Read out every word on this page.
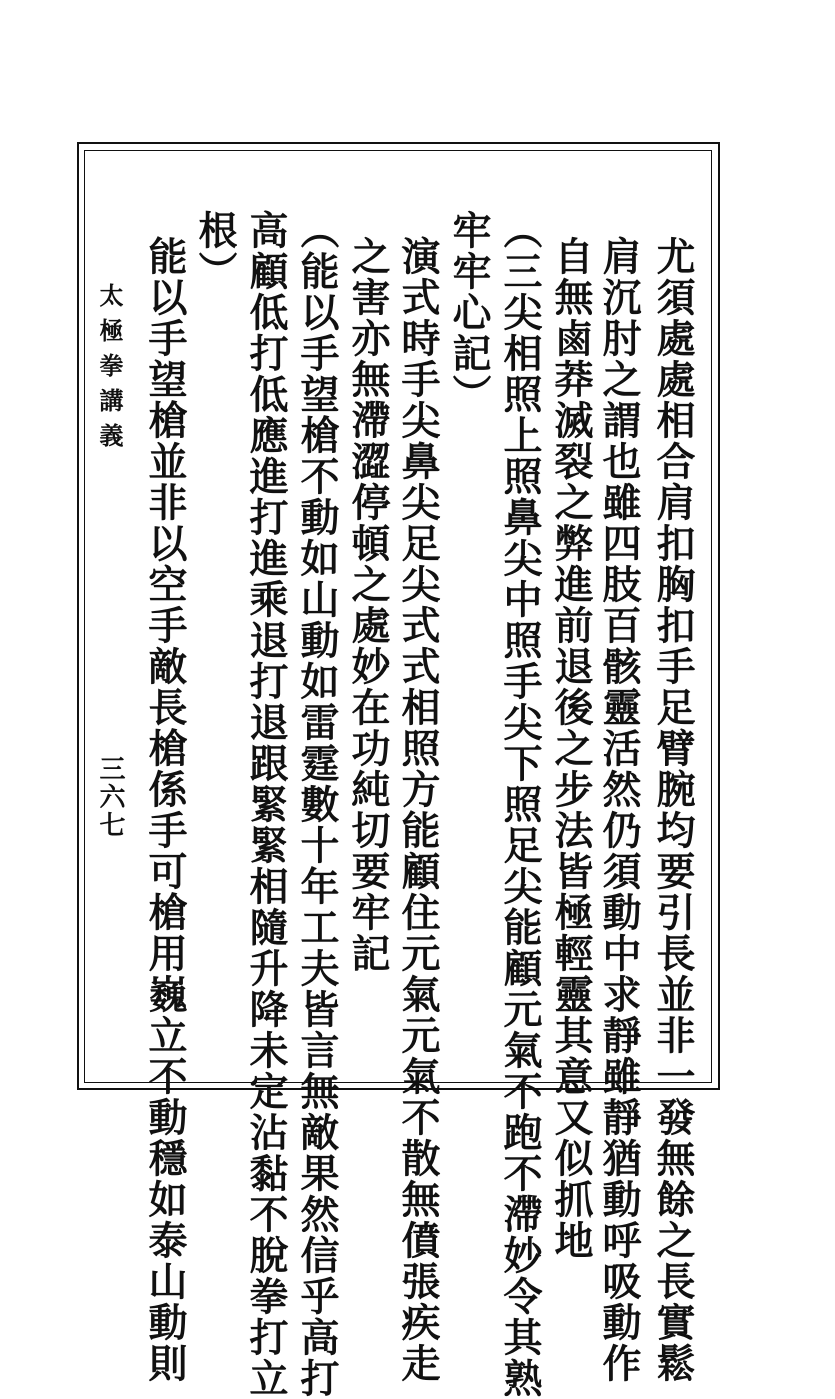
尤須處處相合肩扣胸扣手足臂腕均要引長並非一發無餘之長實鬆
肩沉肘之謂也雖四肢百骸靈活然仍須動中求靜雖靜猶動呼吸動作
自無鹵莽滅裂之弊進前退後之步法皆極輕靈其意又似抓地
（三尖相照上照鼻尖中照手尖下照足尖能顧元氣不跑不滯妙令其熟
牢牢心記）
演式時手尖鼻尖足尖式式相照方能顧住元氣元氣不散無僨張疾走
之害亦無滯澀停頓之處妙在功純切要牢記
（能以手望槍不動如山動如雷霆數十年工夫皆言無敵果然信乎高打
高顧低打低應進打進乘退打退跟緊緊相隨升降未定沾黏不脫拳打立
根）
能以手望槍並非以空手敵長槍係手可槍用巍立不動穩如泰山動則
太極拳講義
三六七
